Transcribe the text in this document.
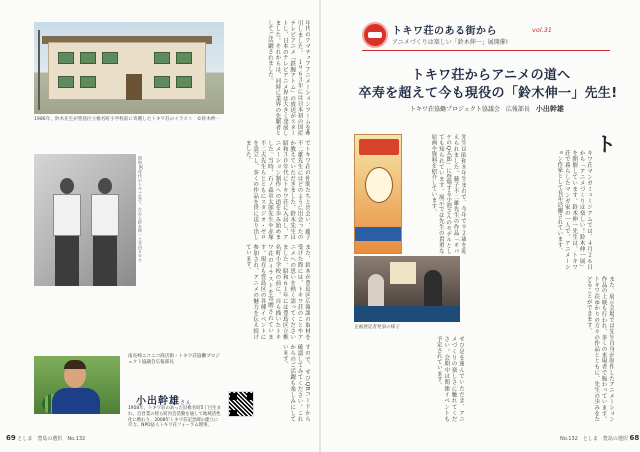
1986年、鈴木先生が豊島区立椎名町小学校前に寄贈したトキワ荘のイラスト　©鈴木伸一
昭和30年代のトキワ荘で、左から鈴木伸一と寺田ヒロオ
年代のアマチュアアニメーションブームを牽引しました。　１９６３年には日本初の国産テレビアニメ「鉄腕アトム」の放送がスタートし、日本のテレビアニメ界は大きく発展しました。それからは、同時に業界の先駆者としてご活躍されました。
でトキワ荘の仲間たちと出会い、藤子不二雄先生にはどのように出会ったのか教えていただきました。鈴木先生は昭和３０年代にトキワ荘に入居し、アニメーション制作への道を歩み始めました。当時、石ノ森章太郎先生や赤塚不二夫先生らとともにスタジオ・ゼロを設立し、多くの作品を世に送り出しました。
また、鈴木が豊島区広報課の取材を受けた際には、トキワ荘のことやアニメへの思いを熱く語ってくださいました。昭和６１年には豊島区立椎名町小学校の前に、自ら描いたトキワ荘のイラストを寄贈されています。現在も豊島区の各種イベントに参加され、アニメの魅力を伝え続けています。
すので、ぜひQRコードから確認してみてください。これからのご活躍も楽しみにしています。
南長崎ニコニコ商店街・トキワ荘協働プロジェクト協議会広報部長
小出幹雄さん
1958年、トキワ荘のあった旧椎名町5丁目生まれ。自営業の傍ら町内会活動を通して地域活性化に携わり、2008年トキワ荘記念碑の建立に尽力。NPO法人トキワ荘フォーラム理事。
69 としま　豊島の選択　No.132
トキワ荘のある街から	vol.31
アニメづくりは楽しい「鈴木伸一」展開催!
トキワ荘からアニメの道へ
卒寿を超えて今も現役の「鈴木伸一」先生!
トキワ荘協働プロジェクト協議会　広報部長　 小出幹雄
ト
キワ荘マンガミュージアムでは、４月２６日から「アニメづくりは楽しい！鈴木伸一展」を開催しています。鈴木伸一先生は、トキワ荘で暮らしたマンガ家の一人で、アニメーション作家として長年活躍されています。
先生は昭和８年生まれで、今年で９２歳を迎えられました。藤子不二雄先生の作品「オバケのQ太郎」に登場する小池さんのモデルとしても知られています。展示では先生の貴重な原画や資料を紹介しています。
また、展示会場では先生自身が制作したアニメーション作品の上映も行われ、多くの来場者で賑わっています。トキワ荘ゆかりの方々の作品とともに、先生の歩みをたどることができます。
ぜひ足を運んでいただき、アニメづくりの楽しさに触れてください。会期中は関連イベントも予定されています。
企画展記者発表の様子
No.132　としま　豊島の選択 68
